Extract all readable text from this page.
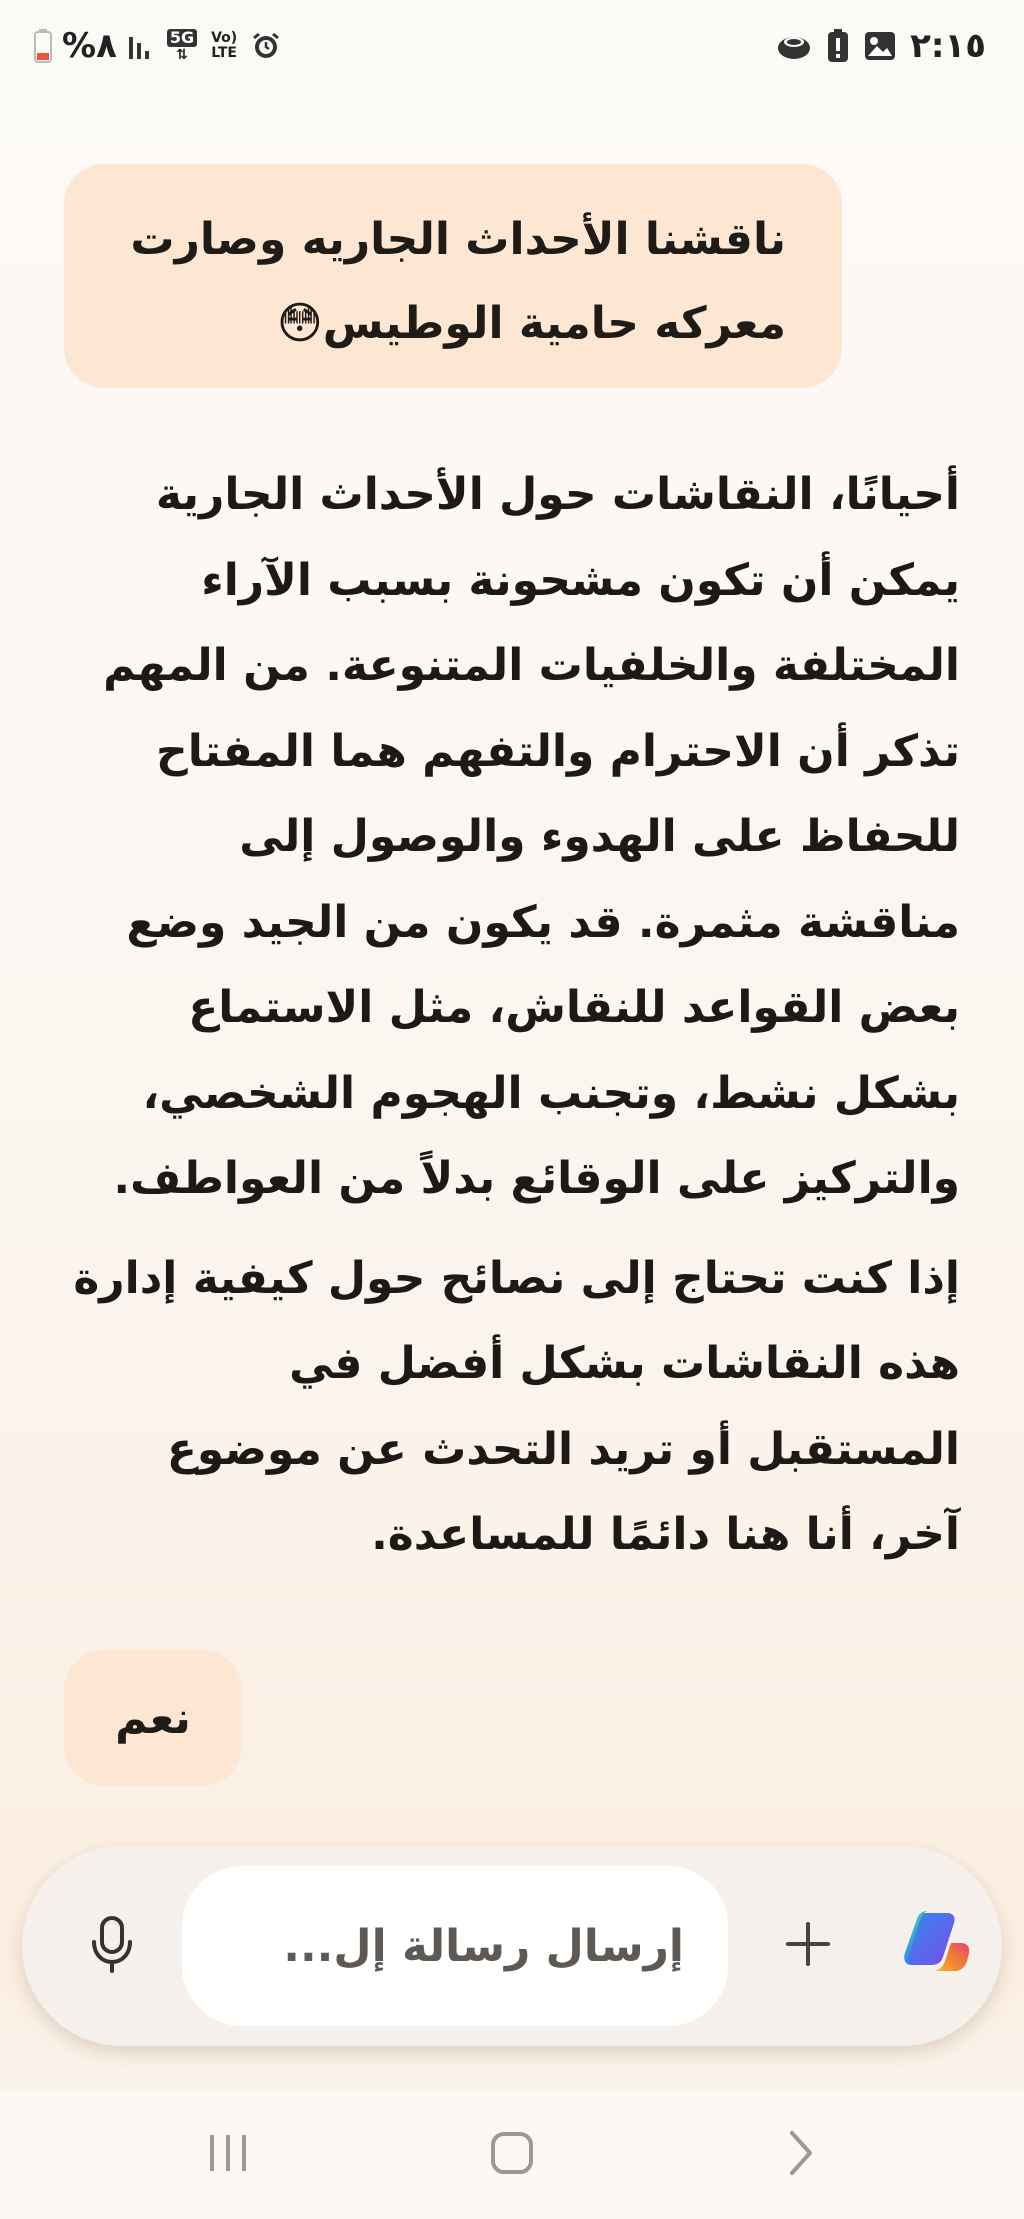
%٨	5G
⇅
Vo) LTE	٢:١٥
ناقشنا الأحداث الجاريه وصارت معركه حامية الوطيس😳

أحيانًا، النقاشات حول الأحداث الجارية يمكن أن تكون مشحونة بسبب الآراء المختلفة والخلفيات المتنوعة. من المهم تذكر أن الاحترام والتفهم هما المفتاح للحفاظ على الهدوء والوصول إلى مناقشة مثمرة. قد يكون من الجيد وضع بعض القواعد للنقاش، مثل الاستماع بشكل نشط، وتجنب الهجوم الشخصي، والتركيز على الوقائع بدلاً من العواطف.

إذا كنت تحتاج إلى نصائح حول كيفية إدارة هذه النقاشات بشكل أفضل في المستقبل أو تريد التحدث عن موضوع آخر، أنا هنا دائمًا للمساعدة.

نعم
إرسال رسالة إل...
